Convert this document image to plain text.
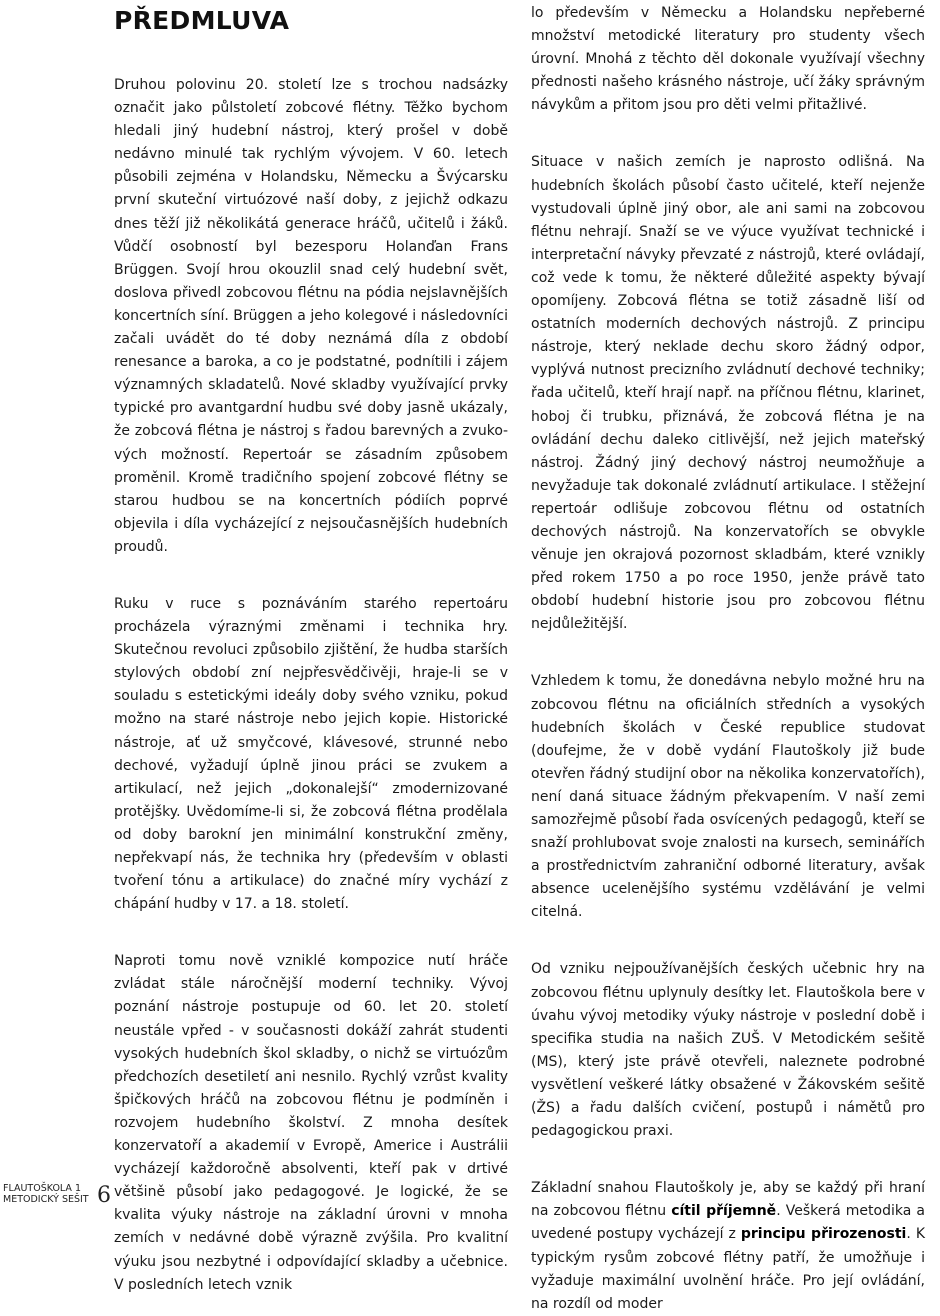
PŘEDMLUVA

Druhou polovinu 20. století lze s trochou nadsázky označit jako půlstoletí zobcové flétny. Těžko bychom hledali jiný hudební nástroj, který prošel v době nedávno minulé tak rychlým vývojem. V 60. letech působili zejména v Holandsku, Německu a Švýcarsku první skuteční virtuózové naší doby, z jejichž odkazu dnes těží již několikátá generace hráčů, učitelů i žáků. Vůdčí osobností byl bezesporu Holanďan Frans Brüggen. Svojí hrou okouzlil snad celý hudební svět, doslova přivedl zobcovou flétnu na pódia nejslavnějších koncertních síní. Brüggen a jeho kolegové i následovníci začali uvádět do té doby neznámá díla z období renesance a baroka, a co je podstatné, podnítili i zájem významných skladatelů. Nové skladby využívající prvky typické pro avantgardní hudbu své doby jasně ukázaly, že zobcová flétna je nástroj s řadou barevných a zvukových možností. Repertoár se zásadním způsobem proměnil. Kromě tradičního spojení zobcové flétny se starou hudbou se na koncertních pódiích poprvé objevila i díla vycházející z nejsoučasnějších hudebních proudů.

Ruku v ruce s poznáváním starého repertoáru procházela výraznými změnami i technika hry. Skutečnou revoluci způsobilo zjištění, že hudba starších stylových období zní nejpřesvědčivěji, hraje-li se v souladu s estetickými ideály doby svého vzniku, pokud možno na staré nástroje nebo jejich kopie. Historické nástroje, ať už smyčcové, klávesové, strunné nebo dechové, vyžadují úplně jinou práci se zvukem a artikulací, než jejich „dokonalejší“ zmodernizované protějšky. Uvědomíme-li si, že zobcová flétna prodělala od doby barokní jen minimální konstrukční změny, nepřekvapí nás, že technika hry (především v oblasti tvoření tónu a artikulace) do značné míry vychází z chápání hudby v 17. a 18. století.

Naproti tomu nově vzniklé kompozice nutí hráče zvládat stále náročnější moderní techniky. Vývoj poznání nástroje postupuje od 60. let 20. století neustále vpřed - v současnosti dokáží zahrát studenti vysokých hudebních škol skladby, o nichž se virtuózům předchozích desetiletí ani nesnilo. Rychlý vzrůst kvality špičkových hráčů na zobcovou flétnu je podmíněn i rozvojem hudebního školství. Z mnoha desítek konzervatoří a akademií v Evropě, Americe i Austrálii vycházejí každoročně absolventi, kteří pak v drtivé většině působí jako pedagogové. Je logické, že se kvalita výuky nástroje na základní úrovni v mnoha zemích v nedávné době výrazně zvýšila. Pro kvalitní výuku jsou nezbytné i odpovídající skladby a učebnice. V posledních letech vznik

lo především v Německu a Holandsku nepřeberné množství metodické literatury pro studenty všech úrovní. Mnohá z těchto děl dokonale využívají všechny přednosti našeho krásného nástroje, učí žáky správným návykům a přitom jsou pro děti velmi přitažlivé.

Situace v našich zemích je naprosto odlišná. Na hudebních školách působí často učitelé, kteří nejenže vystudovali úplně jiný obor, ale ani sami na zobcovou flétnu nehrají. Snaží se ve výuce využívat technické i interpretační návyky převzaté z nástrojů, které ovládají, což vede k tomu, že některé důležité aspekty bývají opomíjeny. Zobcová flétna se totiž zásadně liší od ostatních moderních dechových nástrojů. Z principu nástroje, který neklade dechu skoro žádný odpor, vyplývá nutnost precizního zvládnutí dechové techniky; řada učitelů, kteří hrají např. na příčnou flétnu, klarinet, hoboj či trubku, přiznává, že zobcová flétna je na ovládání dechu daleko citlivější, než jejich mateřský nástroj. Žádný jiný dechový nástroj neumožňuje a nevyžaduje tak dokonalé zvládnutí artikulace. I stěžejní repertoár odlišuje zobcovou flétnu od ostatních dechových nástrojů. Na konzervatořích se obvykle věnuje jen okrajová pozornost skladbám, které vznikly před rokem 1750 a po roce 1950, jenže právě tato období hudební historie jsou pro zobcovou flétnu nejdůležitější.

Vzhledem k tomu, že donedávna nebylo možné hru na zobcovou flétnu na oficiálních středních a vysokých hudebních školách v České republice studovat (doufejme, že v době vydání Flautoškoly již bude otevřen řádný studijní obor na několika konzervatořích), není daná situace žádným překvapením. V naší zemi samozřejmě působí řada osvícených pedagogů, kteří se snaží prohlubovat svoje znalosti na kursech, seminářích a prostřednictvím zahraniční odborné literatury, avšak absence ucelenějšího systému vzdělávání je velmi citelná.

Od vzniku nejpoužívanějších českých učebnic hry na zobcovou flétnu uplynuly desítky let. Flautoškola bere v úvahu vývoj metodiky výuky nástroje v poslední době i specifika studia na našich ZUŠ. V Metodickém sešitě (MS), který jste právě otevřeli, naleznete podrobné vysvětlení veškeré látky obsažené v Žákovském sešitě (ŽS) a řadu dalších cvičení, postupů i námětů pro pedagogickou praxi.

Základní snahou Flautoškoly je, aby se každý při hraní na zobcovou flétnu cítil příjemně. Veškerá metodika a uvedené postupy vycházejí z principu přirozenosti. K typickým rysům zobcové flétny patří, že umožňuje i vyžaduje maximální uvolnění hráče. Pro její ovládání, na rozdíl od moder

FLAUTOŠKOLA 1
METODICKÝ SEŠIT 6
